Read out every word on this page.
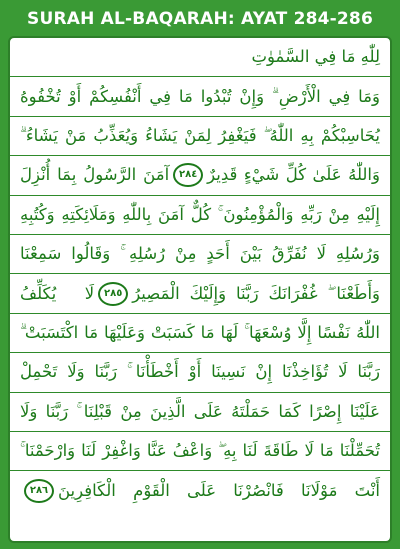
SURAH AL-BAQARAH: AYAT 284-286
لِلّٰهِ مَا فِي السَّمٰوٰتِ
وَمَا فِي الْأَرْضِ ۗ وَإِنْ تُبْدُوا مَا فِي أَنْفُسِكُمْ أَوْ تُخْفُوهُ
يُحَاسِبْكُمْ بِهِ اللّٰهُ ۖ فَيَغْفِرُ لِمَنْ يَشَاءُ وَيُعَذِّبُ مَنْ يَشَاءُ ۗ
وَاللّٰهُ عَلَىٰ كُلِّ شَيْءٍ قَدِيرٌ
٢٨٤
آمَنَ الرَّسُولُ بِمَا أُنْزِلَ
إِلَيْهِ مِنْ رَبِّهِ وَالْمُؤْمِنُونَ ۚ كُلٌّ آمَنَ بِاللّٰهِ وَمَلَائِكَتِهِ وَكُتُبِهِ
وَرُسُلِهِ لَا نُفَرِّقُ بَيْنَ أَحَدٍ مِنْ رُسُلِهِ ۚ وَقَالُوا سَمِعْنَا
وَأَطَعْنَا ۖ غُفْرَانَكَ رَبَّنَا وَإِلَيْكَ الْمَصِيرُ
٢٨٥
لَا يُكَلِّفُ
اللّٰهُ نَفْسًا إِلَّا وُسْعَهَا ۚ لَهَا مَا كَسَبَتْ وَعَلَيْهَا مَا اكْتَسَبَتْ ۗ
رَبَّنَا لَا تُؤَاخِذْنَا إِنْ نَسِينَا أَوْ أَخْطَأْنَا ۚ رَبَّنَا وَلَا تَحْمِلْ
عَلَيْنَا إِصْرًا كَمَا حَمَلْتَهُ عَلَى الَّذِينَ مِنْ قَبْلِنَا ۚ رَبَّنَا وَلَا
تُحَمِّلْنَا مَا لَا طَاقَةَ لَنَا بِهِ ۖ وَاعْفُ عَنَّا وَاغْفِرْ لَنَا وَارْحَمْنَا ۚ
أَنْتَ مَوْلَانَا فَانْصُرْنَا عَلَى الْقَوْمِ الْكَافِرِينَ
٢٨٦
